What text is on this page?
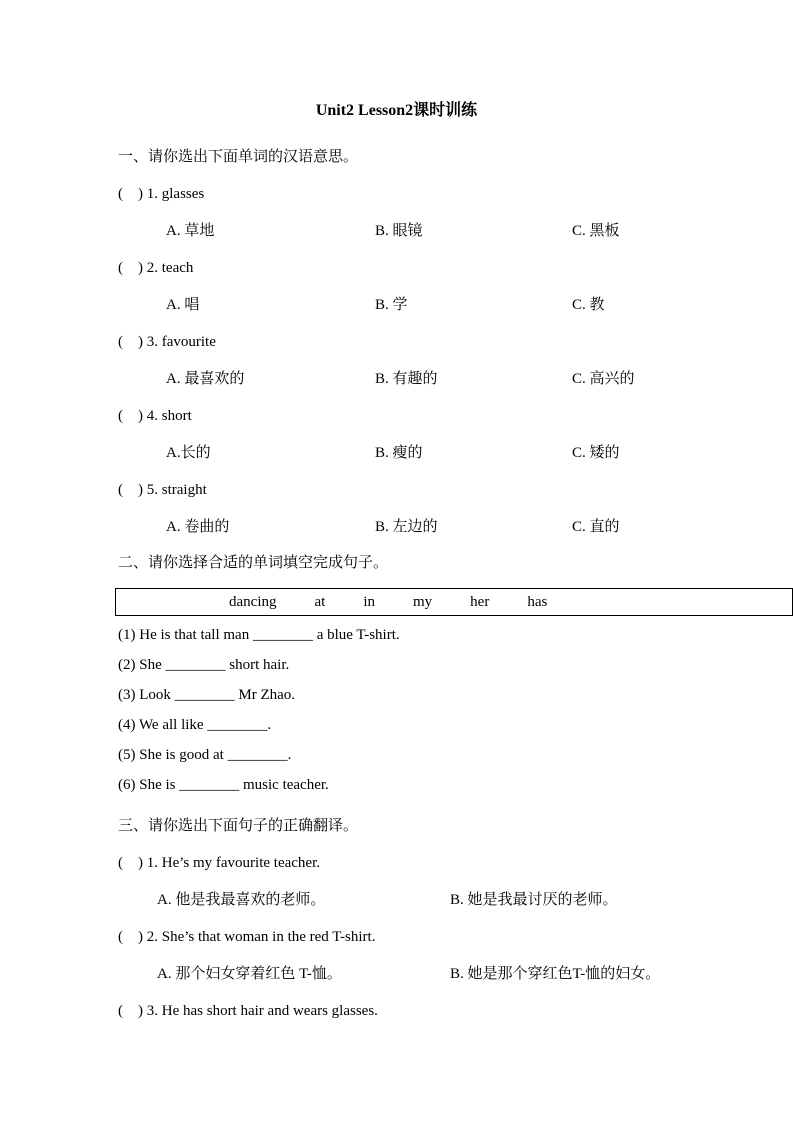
Unit2 Lesson2课时训练
一、请你选出下面单词的汉语意思。
(　) 1. glasses
A. 草地	B. 眼镜	C. 黑板
(　) 2. teach
A. 唱	B. 学	C. 教
(　) 3. favourite
A. 最喜欢的	B. 有趣的	C. 高兴的
(　) 4. short
A.长的	B. 瘦的	C. 矮的
(　) 5. straight
A. 卷曲的	B. 左边的	C. 直的
二、请你选择合适的单词填空完成句子。
dancing	at	in	my	her	has
(1) He is that tall man ________ a blue T-shirt.
(2) She ________ short hair.
(3) Look ________ Mr Zhao.
(4) We all like ________.
(5) She is good at ________.
(6) She is ________ music teacher.
三、请你选出下面句子的正确翻译。
(　) 1. He’s my favourite teacher.
A. 他是我最喜欢的老师。	B. 她是我最讨厌的老师。
(　) 2. She’s that woman in the red T-shirt.
A. 那个妇女穿着红色 T-恤。	B. 她是那个穿红色T-恤的妇女。
(　) 3. He has short hair and wears glasses.
